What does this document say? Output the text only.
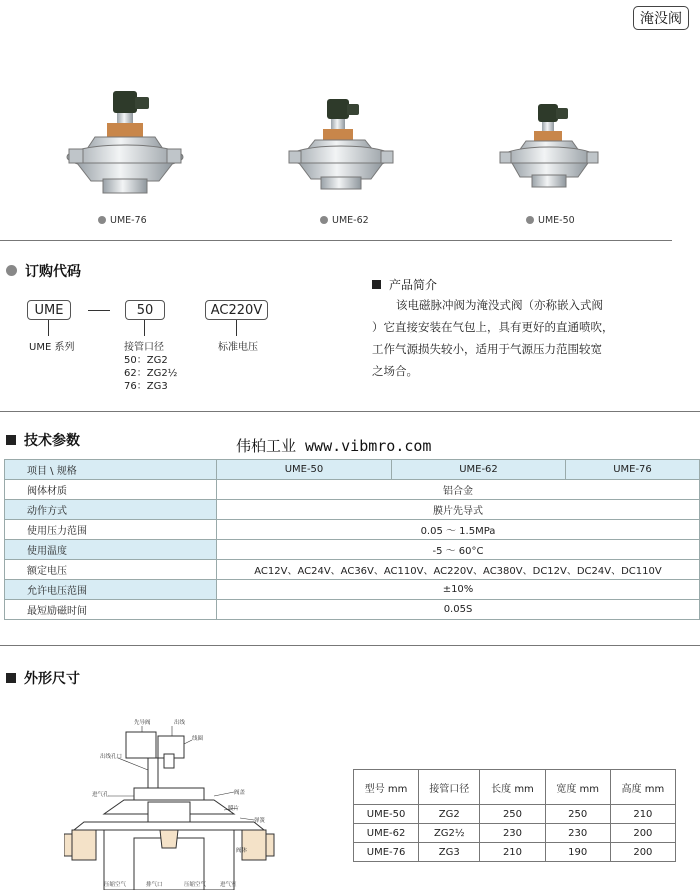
淹没阀
UME-76	UME-62	UME-50
订购代码
UME	50	AC220V
UME 系列	接管口径
50：ZG2
62：ZG2½
76：ZG3
标准电压
产品简介
该电磁脉冲阀为淹没式阀（亦称嵌入式阀
）它直接安装在气包上，具有更好的直通喷吹，
工作气源损失较小，适用于气源压力范围较宽
之场合。
技术参数	伟柏工业 www.vibmro.com
项目 \ 规格	UME-50	UME-62	UME-76
阀体材质	铝合金		
动作方式	膜片先导式		
使用压力范围	0.05 ～ 1.5MPa		
使用温度	-5 ～ 60°C		
额定电压	AC12V、AC24V、AC36V、AC110V、AC220V、AC380V、DC12V、DC24V、DC110V		
允许电压范围	±10%		
最短励磁时间	0.05S		
外形尺寸
先导阀	出线
线圈
出线孔口
进气孔	阀盖
膜片
弹簧
阀体
压缩空气	排气口	压缩空气	进气室
型号 mm	接管口径	长度 mm	宽度 mm	高度 mm
UME-50	ZG2	250	250	210
UME-62	ZG2½	230	230	200
UME-76	ZG3	210	190	200
